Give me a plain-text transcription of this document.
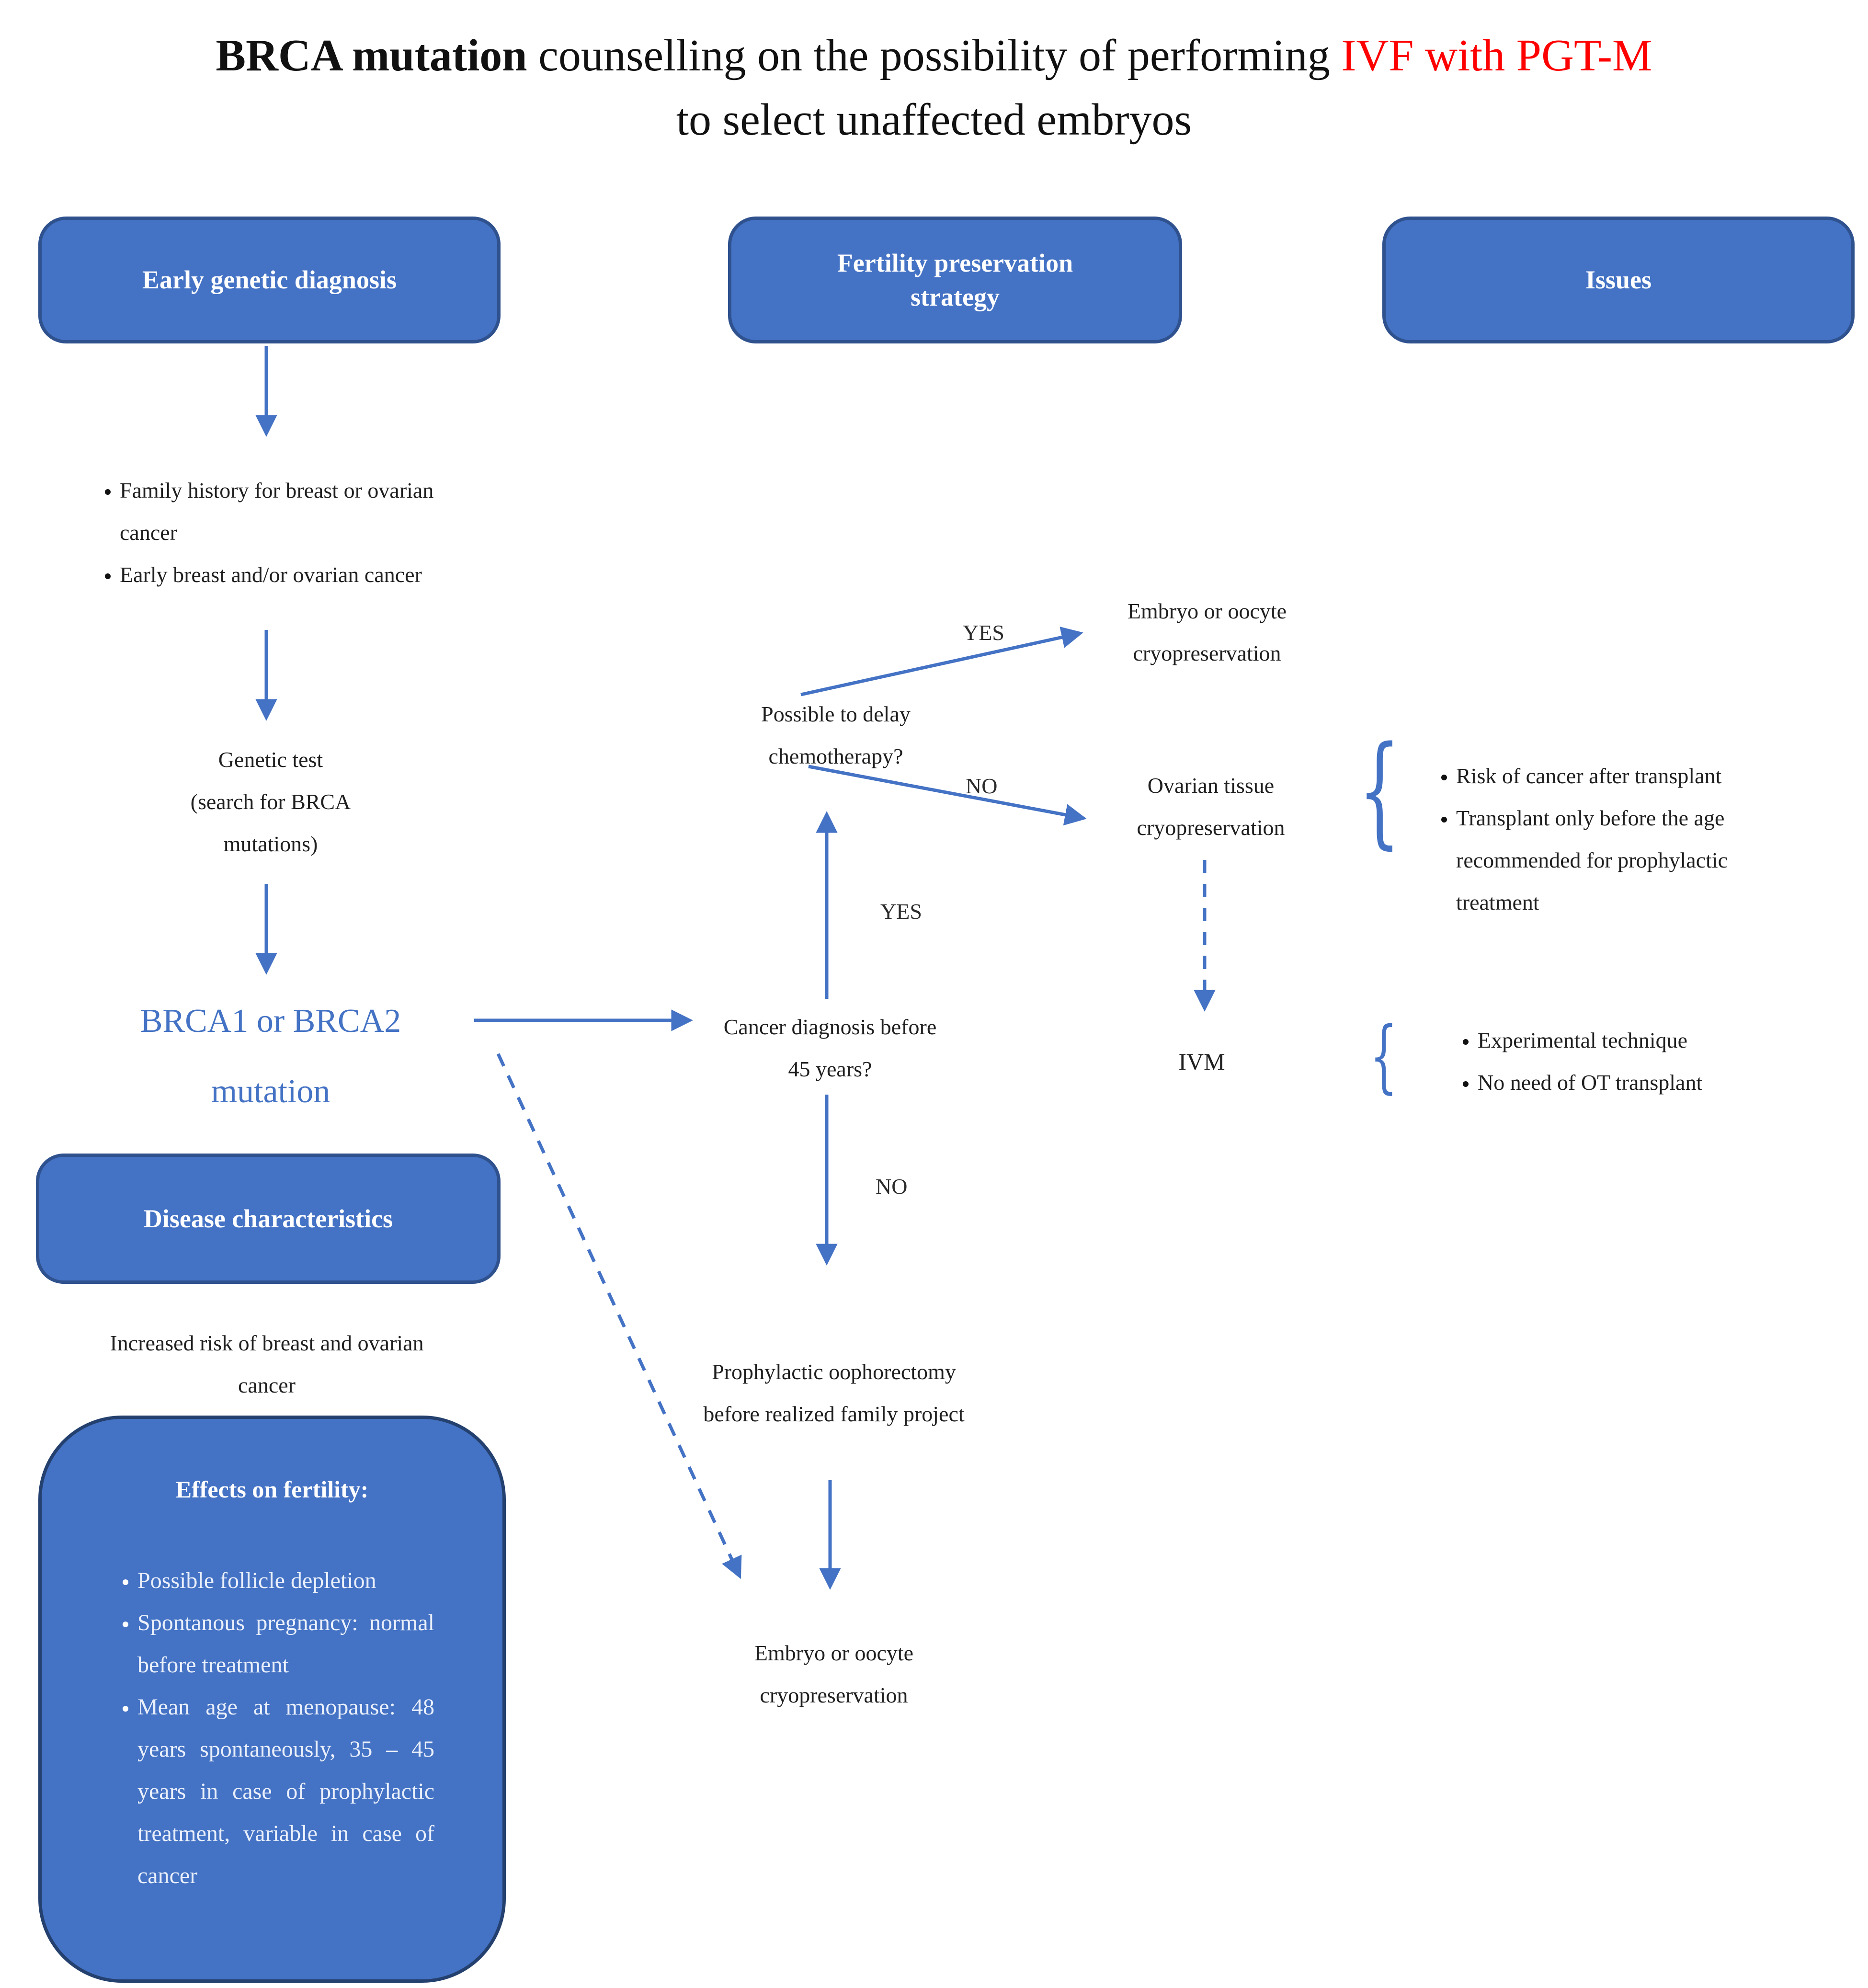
BRCA mutation counselling on the possibility of performing IVF with PGT-M
to select unaffected embryos
Early genetic diagnosis
Fertility preservation strategy
Issues
• Family history for breast or ovarian cancer
• Early breast and/or ovarian cancer
Genetic test
(search for BRCA mutations)
BRCA1 or BRCA2
mutation
Disease characteristics
Increased risk of breast and ovarian cancer
Effects on fertility:
• Possible follicle depletion
• Spontanous pregnancy: normal before treatment
• Mean age at menopause: 48 years spontaneously, 35 – 45 years in case of prophylactic treatment, variable in case of cancer
Possible to delay chemotherapy?
YES
NO
Embryo or oocyte cryopreservation
Ovarian tissue cryopreservation
YES
Cancer diagnosis before 45 years?
NO
Prophylactic oophorectomy before realized family project
Embryo or oocyte cryopreservation
IVM
{	• Risk of cancer after transplant
• Transplant only before the age recommended for prophylactic treatment
{	• Experimental technique
• No need of OT transplant
